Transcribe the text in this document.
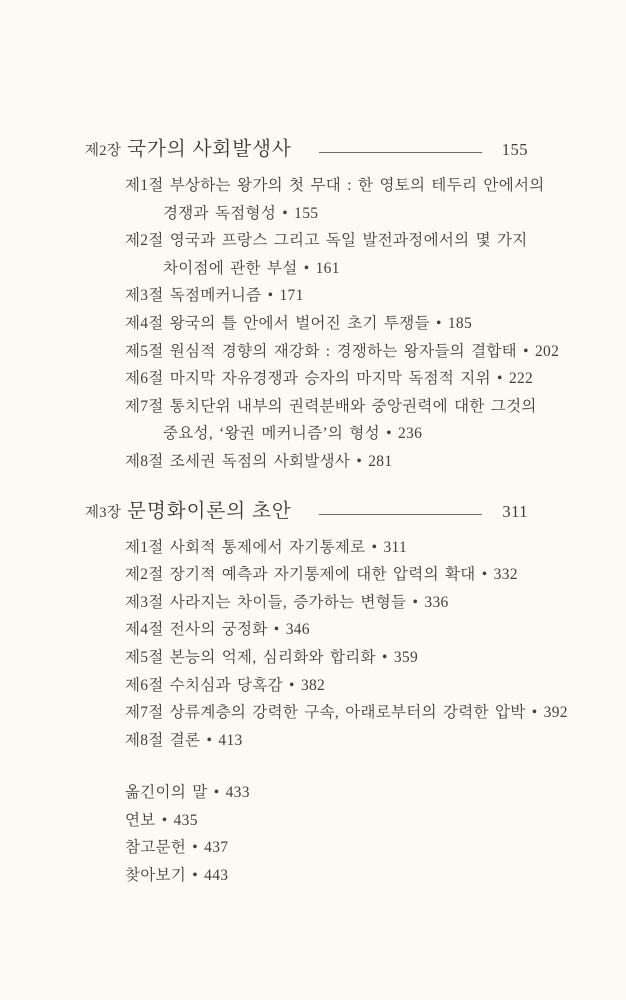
제2장 국가의 사회발생사	155
제1절 부상하는 왕가의 첫 무대 : 한 영토의 테두리 안에서의
경쟁과 독점형성 • 155
제2절 영국과 프랑스 그리고 독일 발전과정에서의 몇 가지
차이점에 관한 부설 • 161
제3절 독점메커니즘 • 171
제4절 왕국의 틀 안에서 벌어진 초기 투쟁들 • 185
제5절 원심적 경향의 재강화 : 경쟁하는 왕자들의 결합태 • 202
제6절 마지막 자유경쟁과 승자의 마지막 독점적 지위 • 222
제7절 통치단위 내부의 권력분배와 중앙권력에 대한 그것의
중요성, ‘왕권 메커니즘’의 형성 • 236
제8절 조세권 독점의 사회발생사 • 281
제3장 문명화이론의 초안	311
제1절 사회적 통제에서 자기통제로 • 311
제2절 장기적 예측과 자기통제에 대한 압력의 확대 • 332
제3절 사라지는 차이들, 증가하는 변형들 • 336
제4절 전사의 궁정화 • 346
제5절 본능의 억제, 심리화와 합리화 • 359
제6절 수치심과 당혹감 • 382
제7절 상류계층의 강력한 구속, 아래로부터의 강력한 압박 • 392
제8절 결론 • 413
옮긴이의 말 • 433
연보 • 435
참고문헌 • 437
찾아보기 • 443
